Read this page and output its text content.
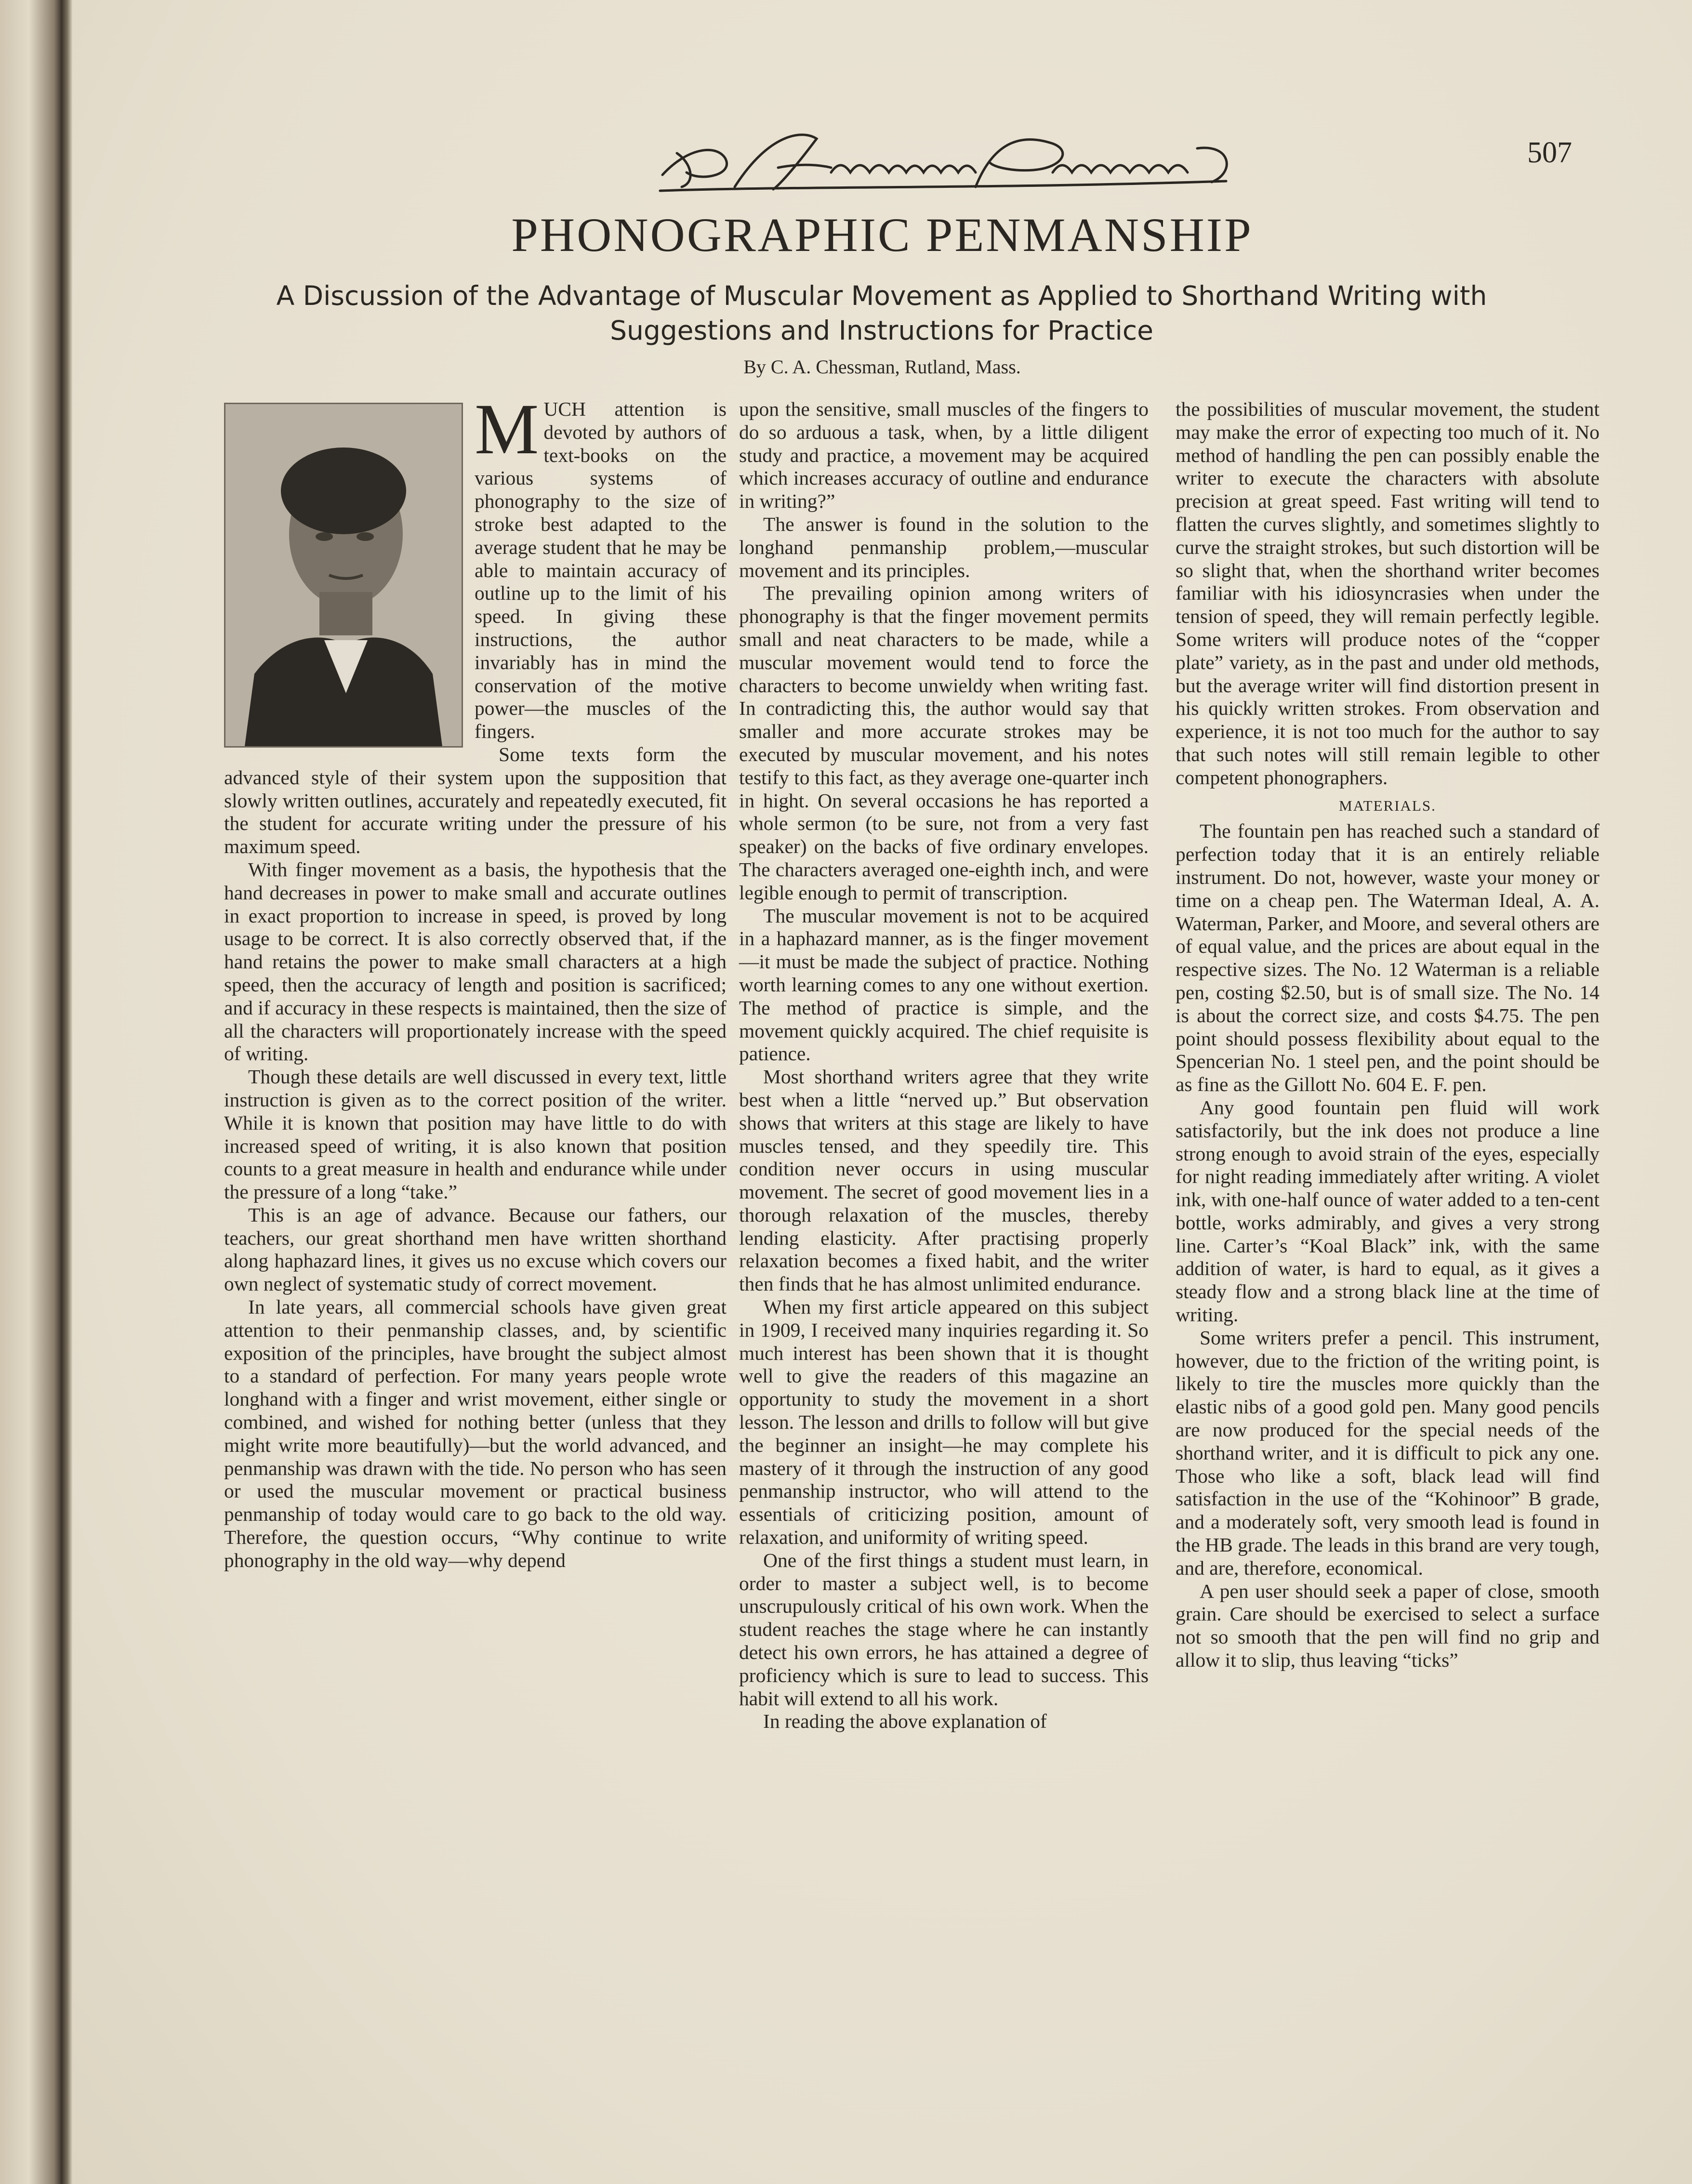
507
PHONOGRAPHIC PENMANSHIP
A Discussion of the Advantage of Muscular Movement as Applied to Shorthand Writing with Suggestions and Instructions for Practice
By C. A. Chessman, Rutland, Mass.
M UCH attention is devoted by authors of text-books on the various systems of phonography to the size of stroke best adapted to the average student that he may be able to maintain accuracy of outline up to the limit of his speed. In giving these instructions, the author invariably has in mind the conservation of the motive power—the muscles of the fingers.

Some texts form the advanced style of their system upon the supposition that slowly written outlines, accurately and repeatedly executed, fit the student for accurate writing under the pressure of his maximum speed.

With finger movement as a basis, the hypothesis that the hand decreases in power to make small and accurate outlines in exact proportion to increase in speed, is proved by long usage to be correct. It is also correctly observed that, if the hand retains the power to make small characters at a high speed, then the accuracy of length and position is sacrificed; and if accuracy in these respects is maintained, then the size of all the characters will proportionately increase with the speed of writing.

Though these details are well discussed in every text, little instruction is given as to the correct position of the writer. While it is known that position may have little to do with increased speed of writing, it is also known that position counts to a great measure in health and endurance while under the pressure of a long “take.”

This is an age of advance. Because our fathers, our teachers, our great shorthand men have written shorthand along haphazard lines, it gives us no excuse which covers our own neglect of systematic study of correct movement.

In late years, all commercial schools have given great attention to their penmanship classes, and, by scientific exposition of the principles, have brought the subject almost to a standard of perfection. For many years people wrote longhand with a finger and wrist movement, either single or combined, and wished for nothing better (unless that they might write more beautifully)—but the world advanced, and penmanship was drawn with the tide. No person who has seen or used the muscular movement or practical business penmanship of today would care to go back to the old way. Therefore, the question occurs, “Why continue to write phonography in the old way—why depend

upon the sensitive, small muscles of the fingers to do so arduous a task, when, by a little diligent study and practice, a movement may be acquired which increases accuracy of outline and endurance in writing?”

The answer is found in the solution to the longhand penmanship problem,—muscular movement and its principles.

The prevailing opinion among writers of phonography is that the finger movement permits small and neat characters to be made, while a muscular movement would tend to force the characters to become unwieldy when writing fast. In contradicting this, the author would say that smaller and more accurate strokes may be executed by muscular movement, and his notes testify to this fact, as they average one-quarter inch in hight. On several occasions he has reported a whole sermon (to be sure, not from a very fast speaker) on the backs of five ordinary envelopes. The characters averaged one-eighth inch, and were legible enough to permit of transcription.

The muscular movement is not to be acquired in a haphazard manner, as is the finger movement—it must be made the subject of practice. Nothing worth learning comes to any one without exertion. The method of practice is simple, and the movement quickly acquired. The chief requisite is patience.

Most shorthand writers agree that they write best when a little “nerved up.” But observation shows that writers at this stage are likely to have muscles tensed, and they speedily tire. This condition never occurs in using muscular movement. The secret of good movement lies in a thorough relaxation of the muscles, thereby lending elasticity. After practising properly relaxation becomes a fixed habit, and the writer then finds that he has almost unlimited endurance.

When my first article appeared on this subject in 1909, I received many inquiries regarding it. So much interest has been shown that it is thought well to give the readers of this magazine an opportunity to study the movement in a short lesson. The lesson and drills to follow will but give the beginner an insight—he may complete his mastery of it through the instruction of any good penmanship instructor, who will attend to the essentials of criticizing position, amount of relaxation, and uniformity of writing speed.

One of the first things a student must learn, in order to master a subject well, is to become unscrupulously critical of his own work. When the student reaches the stage where he can instantly detect his own errors, he has attained a degree of proficiency which is sure to lead to success. This habit will extend to all his work.

In reading the above explanation of

the possibilities of muscular movement, the student may make the error of expecting too much of it. No method of handling the pen can possibly enable the writer to execute the characters with absolute precision at great speed. Fast writing will tend to flatten the curves slightly, and sometimes slightly to curve the straight strokes, but such distortion will be so slight that, when the shorthand writer becomes familiar with his idiosyncrasies when under the tension of speed, they will remain perfectly legible. Some writers will produce notes of the “copper plate” variety, as in the past and under old methods, but the average writer will find distortion present in his quickly written strokes. From observation and experience, it is not too much for the author to say that such notes will still remain legible to other competent phonographers.

MATERIALS.

The fountain pen has reached such a standard of perfection today that it is an entirely reliable instrument. Do not, however, waste your money or time on a cheap pen. The Waterman Ideal, A. A. Waterman, Parker, and Moore, and several others are of equal value, and the prices are about equal in the respective sizes. The No. 12 Waterman is a reliable pen, costing $2.50, but is of small size. The No. 14 is about the correct size, and costs $4.75. The pen point should possess flexibility about equal to the Spencerian No. 1 steel pen, and the point should be as fine as the Gillott No. 604 E. F. pen.

Any good fountain pen fluid will work satisfactorily, but the ink does not produce a line strong enough to avoid strain of the eyes, especially for night reading immediately after writing. A violet ink, with one-half ounce of water added to a ten-cent bottle, works admirably, and gives a very strong line. Carter’s “Koal Black” ink, with the same addition of water, is hard to equal, as it gives a steady flow and a strong black line at the time of writing.

Some writers prefer a pencil. This instrument, however, due to the friction of the writing point, is likely to tire the muscles more quickly than the elastic nibs of a good gold pen. Many good pencils are now produced for the special needs of the shorthand writer, and it is difficult to pick any one. Those who like a soft, black lead will find satisfaction in the use of the “Kohinoor” B grade, and a moderately soft, very smooth lead is found in the HB grade. The leads in this brand are very tough, and are, therefore, economical.

A pen user should seek a paper of close, smooth grain. Care should be exercised to select a surface not so smooth that the pen will find no grip and allow it to slip, thus leaving “ticks”
